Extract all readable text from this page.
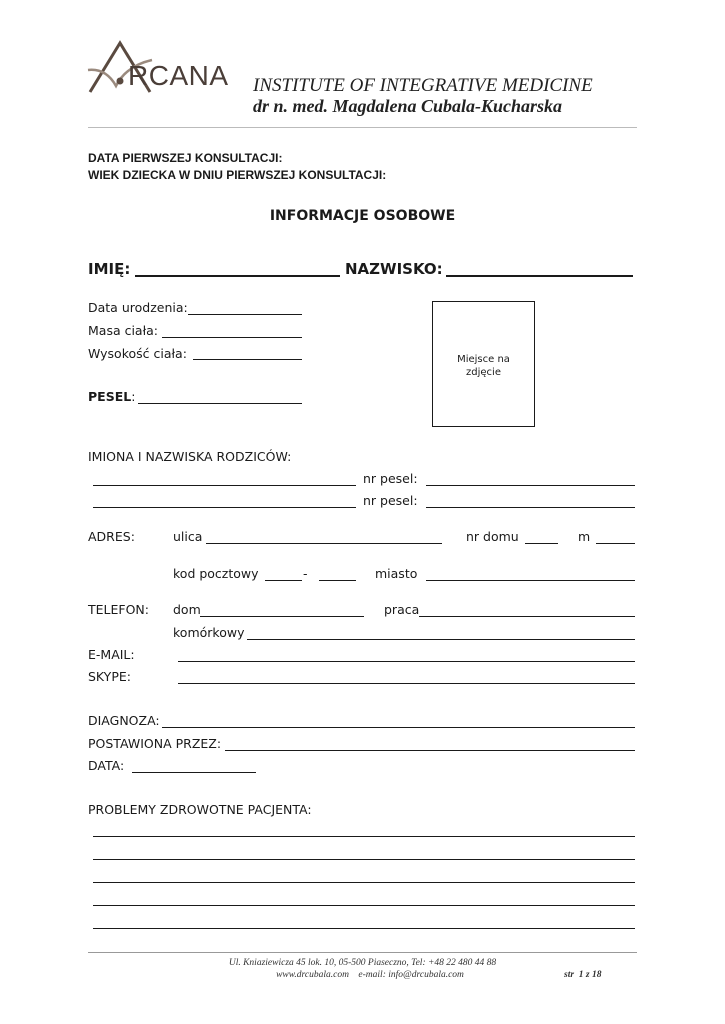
RCANA INSTITUTE OF INTEGRATIVE MEDICINE
dr n. med. Magdalena Cubala-Kucharska
DATA PIERWSZEJ KONSULTACJI:
WIEK DZIECKA W DNIU PIERWSZEJ KONSULTACJI:
INFORMACJE OSOBOWE
IMIĘ:	NAZWISKO:
Data urodzenia:
Masa ciała:
Wysokość ciała:
PESEL:
Miejsce na
zdjęcie
IMIONA I NAZWISKA RODZICÓW:
nr pesel:
nr pesel:
ADRES:	ulica	nr domu	m
kod pocztowy	-	miasto
TELEFON: dom	praca
komórkowy
E-MAIL:
SKYPE:
DIAGNOZA:
POSTAWIONA PRZEZ:
DATA:
PROBLEMY ZDROWOTNE PACJENTA:
Ul. Kniaziewicza 45 lok. 10, 05-500 Piaseczno, Tel: +48 22 480 44 88
www.drcubala.com    e-mail: info@drcubala.com	str  1 z 18
